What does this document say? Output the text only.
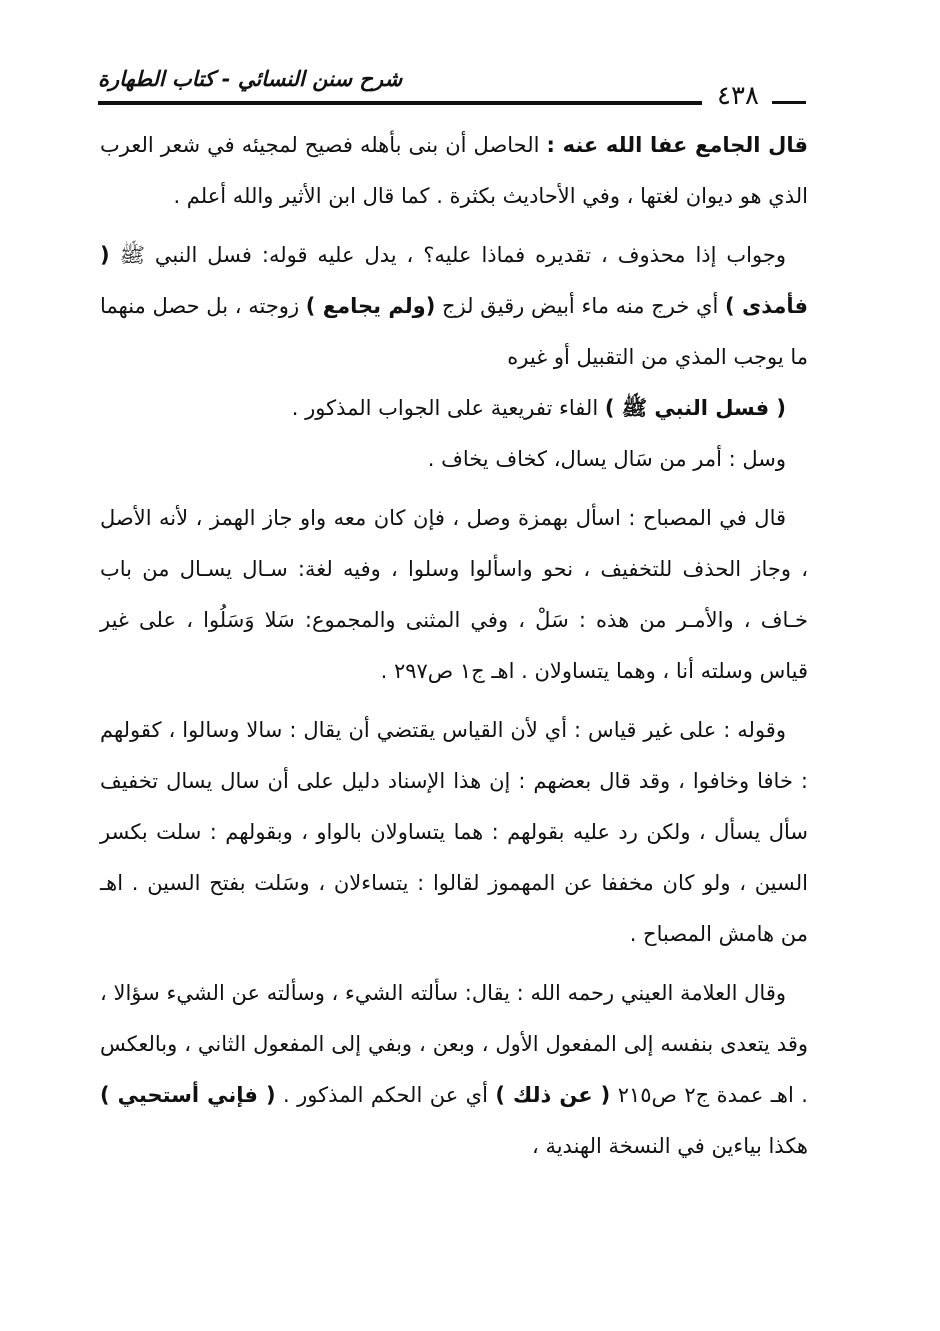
شرح سنن النسائي - كتاب الطهارة
٤٣٨

قال الجامع عفا الله عنه : الحاصل أن بنى بأهله فصيح لمجيئه في شعر العرب الذي هو ديوان لغتها ، وفي الأحاديث بكثرة . كما قال ابن الأثير والله أعلم .

وجواب إذا محذوف ، تقديره فماذا عليه؟ ، يدل عليه قوله: فسل النبي ﷺ ( فأمذى ) أي خرج منه ماء أبيض رقيق لزج (ولم يجامع ) زوجته ، بل حصل منهما ما يوجب المذي من التقبيل أو غيره

( فسل النبي ﷺ ) الفاء تفريعية على الجواب المذكور .

وسل : أمر من سَال يسال، كخاف يخاف .

قال في المصباح : اسأل بهمزة وصل ، فإن كان معه واو جاز الهمز ، لأنه الأصل ، وجاز الحذف للتخفيف ، نحو واسألوا وسلوا ، وفيه لغة: سـال يسـال من باب خـاف ، والأمـر من هذه : سَلْ ، وفي المثنى والمجموع: سَلا وَسَلُوا ، على غير قياس وسلته أنا ، وهما يتساولان . اهـ ج١ ص٢٩٧ .

وقوله : على غير قياس : أي لأن القياس يقتضي أن يقال : سالا وسالوا ، كقولهم : خافا وخافوا ، وقد قال بعضهم : إن هذا الإسناد دليل على أن سال يسال تخفيف سأل يسأل ، ولكن رد عليه بقولهم : هما يتساولان بالواو ، وبقولهم : سلت بكسر السين ، ولو كان مخففا عن المهموز لقالوا : يتساءلان ، وسَلت بفتح السين . اهـ من هامش المصباح .

وقال العلامة العيني رحمه الله : يقال: سألته الشيء ، وسألته عن الشيء سؤالا ، وقد يتعدى بنفسه إلى المفعول الأول ، وبعن ، وبفي إلى المفعول الثاني ، وبالعكس . اهـ عمدة ج٢ ص٢١٥ ( عن ذلك ) أي عن الحكم المذكور . ( فإني أستحيي ) هكذا بياءين في النسخة الهندية ،
